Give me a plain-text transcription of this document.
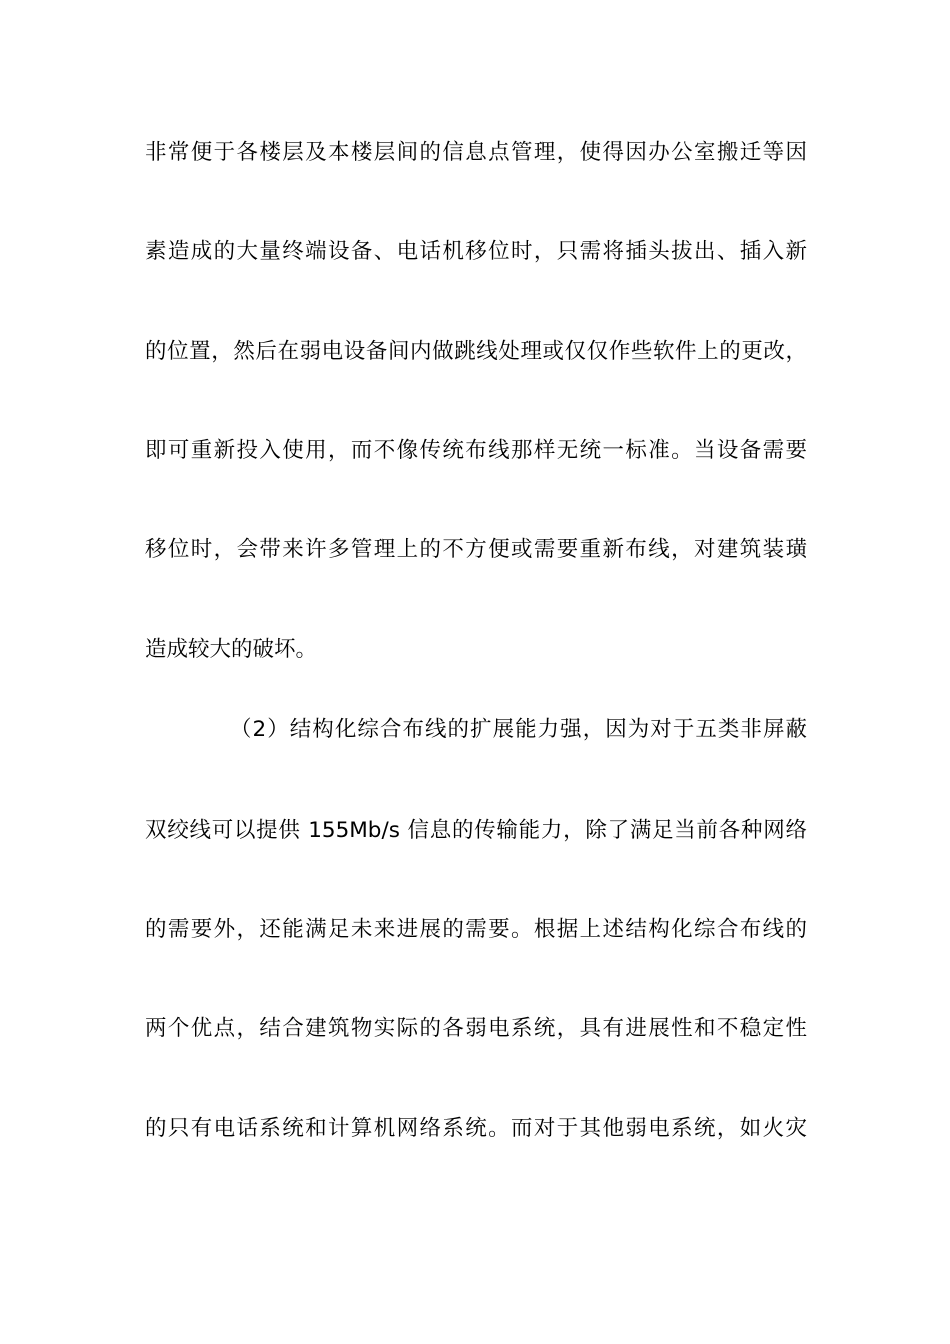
非常便于各楼层及本楼层间的信息点管理，使得因办公室搬迁等因
素造成的大量终端设备、电话机移位时，只需将插头拔出、插入新
的位置，然后在弱电设备间内做跳线处理或仅仅作些软件上的更改，
即可重新投入使用，而不像传统布线那样无统一标准。当设备需要
移位时，会带来许多管理上的不方便或需要重新布线，对建筑装璜
造成较大的破坏。
（2）结构化综合布线的扩展能力强，因为对于五类非屏蔽
双绞线可以提供 155Mb/s 信息的传输能力，除了满足当前各种网络
的需要外，还能满足未来进展的需要。根据上述结构化综合布线的
两个优点，结合建筑物实际的各弱电系统，具有进展性和不稳定性
的只有电话系统和计算机网络系统。而对于其他弱电系统，如火灾
